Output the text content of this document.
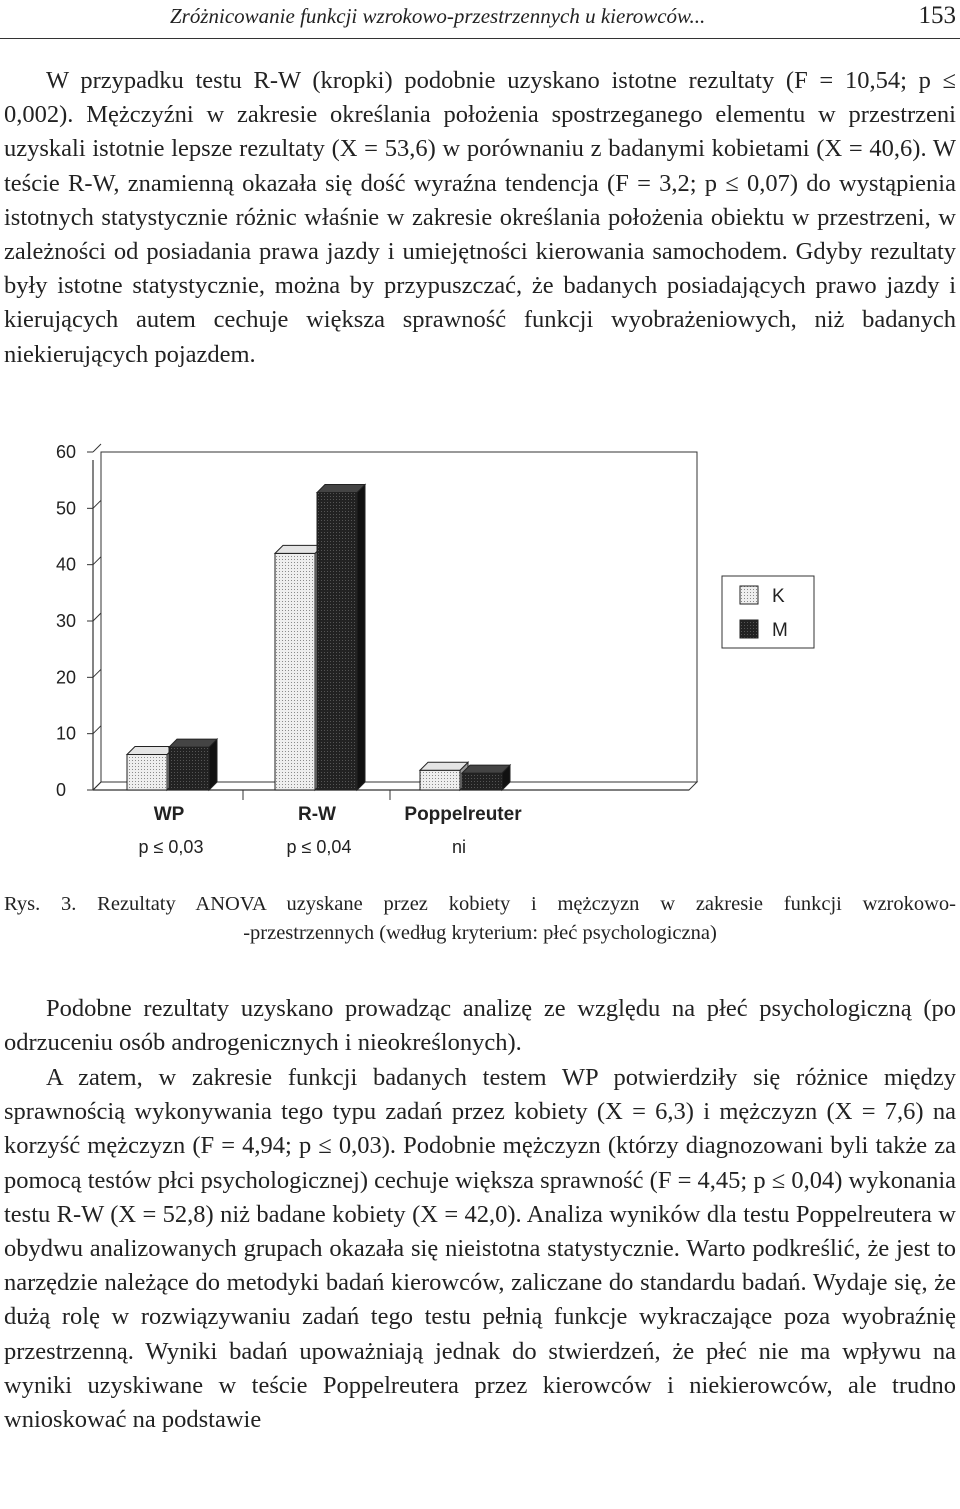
Zróżnicowanie funkcji wzrokowo-przestrzennych u kierowców...	153

W przypadku testu R-W (kropki) podobnie uzyskano istotne rezultaty (F = 10,54; p ≤ 0,002). Mężczyźni w zakresie określania położenia spostrzeganego elementu w przestrzeni uzyskali istotnie lepsze rezultaty (X = 53,6) w porównaniu z badanymi kobietami (X = 40,6). W teście R-W, znamienną okazała się dość wyraźna tendencja (F = 3,2; p ≤ 0,07) do wystąpienia istotnych statystycznie różnic właśnie w zakresie określania położenia obiektu w przestrzeni, w zależności od posiadania prawa jazdy i umiejętności kierowania samochodem. Gdyby rezultaty były istotne statystycznie, można by przypuszczać, że badanych posiadających prawo jazdy i kierujących autem cechuje większa sprawność funkcji wyobrażeniowych, niż badanych niekierujących pojazdem.

0
10
20
30
40
50
60
WP
p ≤ 0,03
R-W
p ≤ 0,04
Poppelreuter
ni
K
M

Rys. 3. Rezultaty ANOVA uzyskane przez kobiety i mężczyzn w zakresie funkcji wzrokowo-
-przestrzennych (według kryterium: płeć psychologiczna)

Podobne rezultaty uzyskano prowadząc analizę ze względu na płeć psychologiczną (po odrzuceniu osób androgenicznych i nieokreślonych).

A zatem, w zakresie funkcji badanych testem WP potwierdziły się różnice między sprawnością wykonywania tego typu zadań przez kobiety (X = 6,3) i mężczyzn (X = 7,6) na korzyść mężczyzn (F = 4,94; p ≤ 0,03). Podobnie mężczyzn (którzy diagnozowani byli także za pomocą testów płci psychologicznej) cechuje większa sprawność (F = 4,45; p ≤ 0,04) wykonania testu R-W (X = 52,8) niż badane kobiety (X = 42,0). Analiza wyników dla testu Poppelreutera w obydwu analizowanych grupach okazała się nieistotna statystycznie. Warto podkreślić, że jest to narzędzie należące do metodyki badań kierowców, zaliczane do standardu badań. Wydaje się, że dużą rolę w rozwiązywaniu zadań tego testu pełnią funkcje wykraczające poza wyobraźnię przestrzenną. Wyniki badań upoważniają jednak do stwierdzeń, że płeć nie ma wpływu na wyniki uzyskiwane w teście Poppelreutera przez kierowców i niekierowców, ale trudno wnioskować na podstawie
